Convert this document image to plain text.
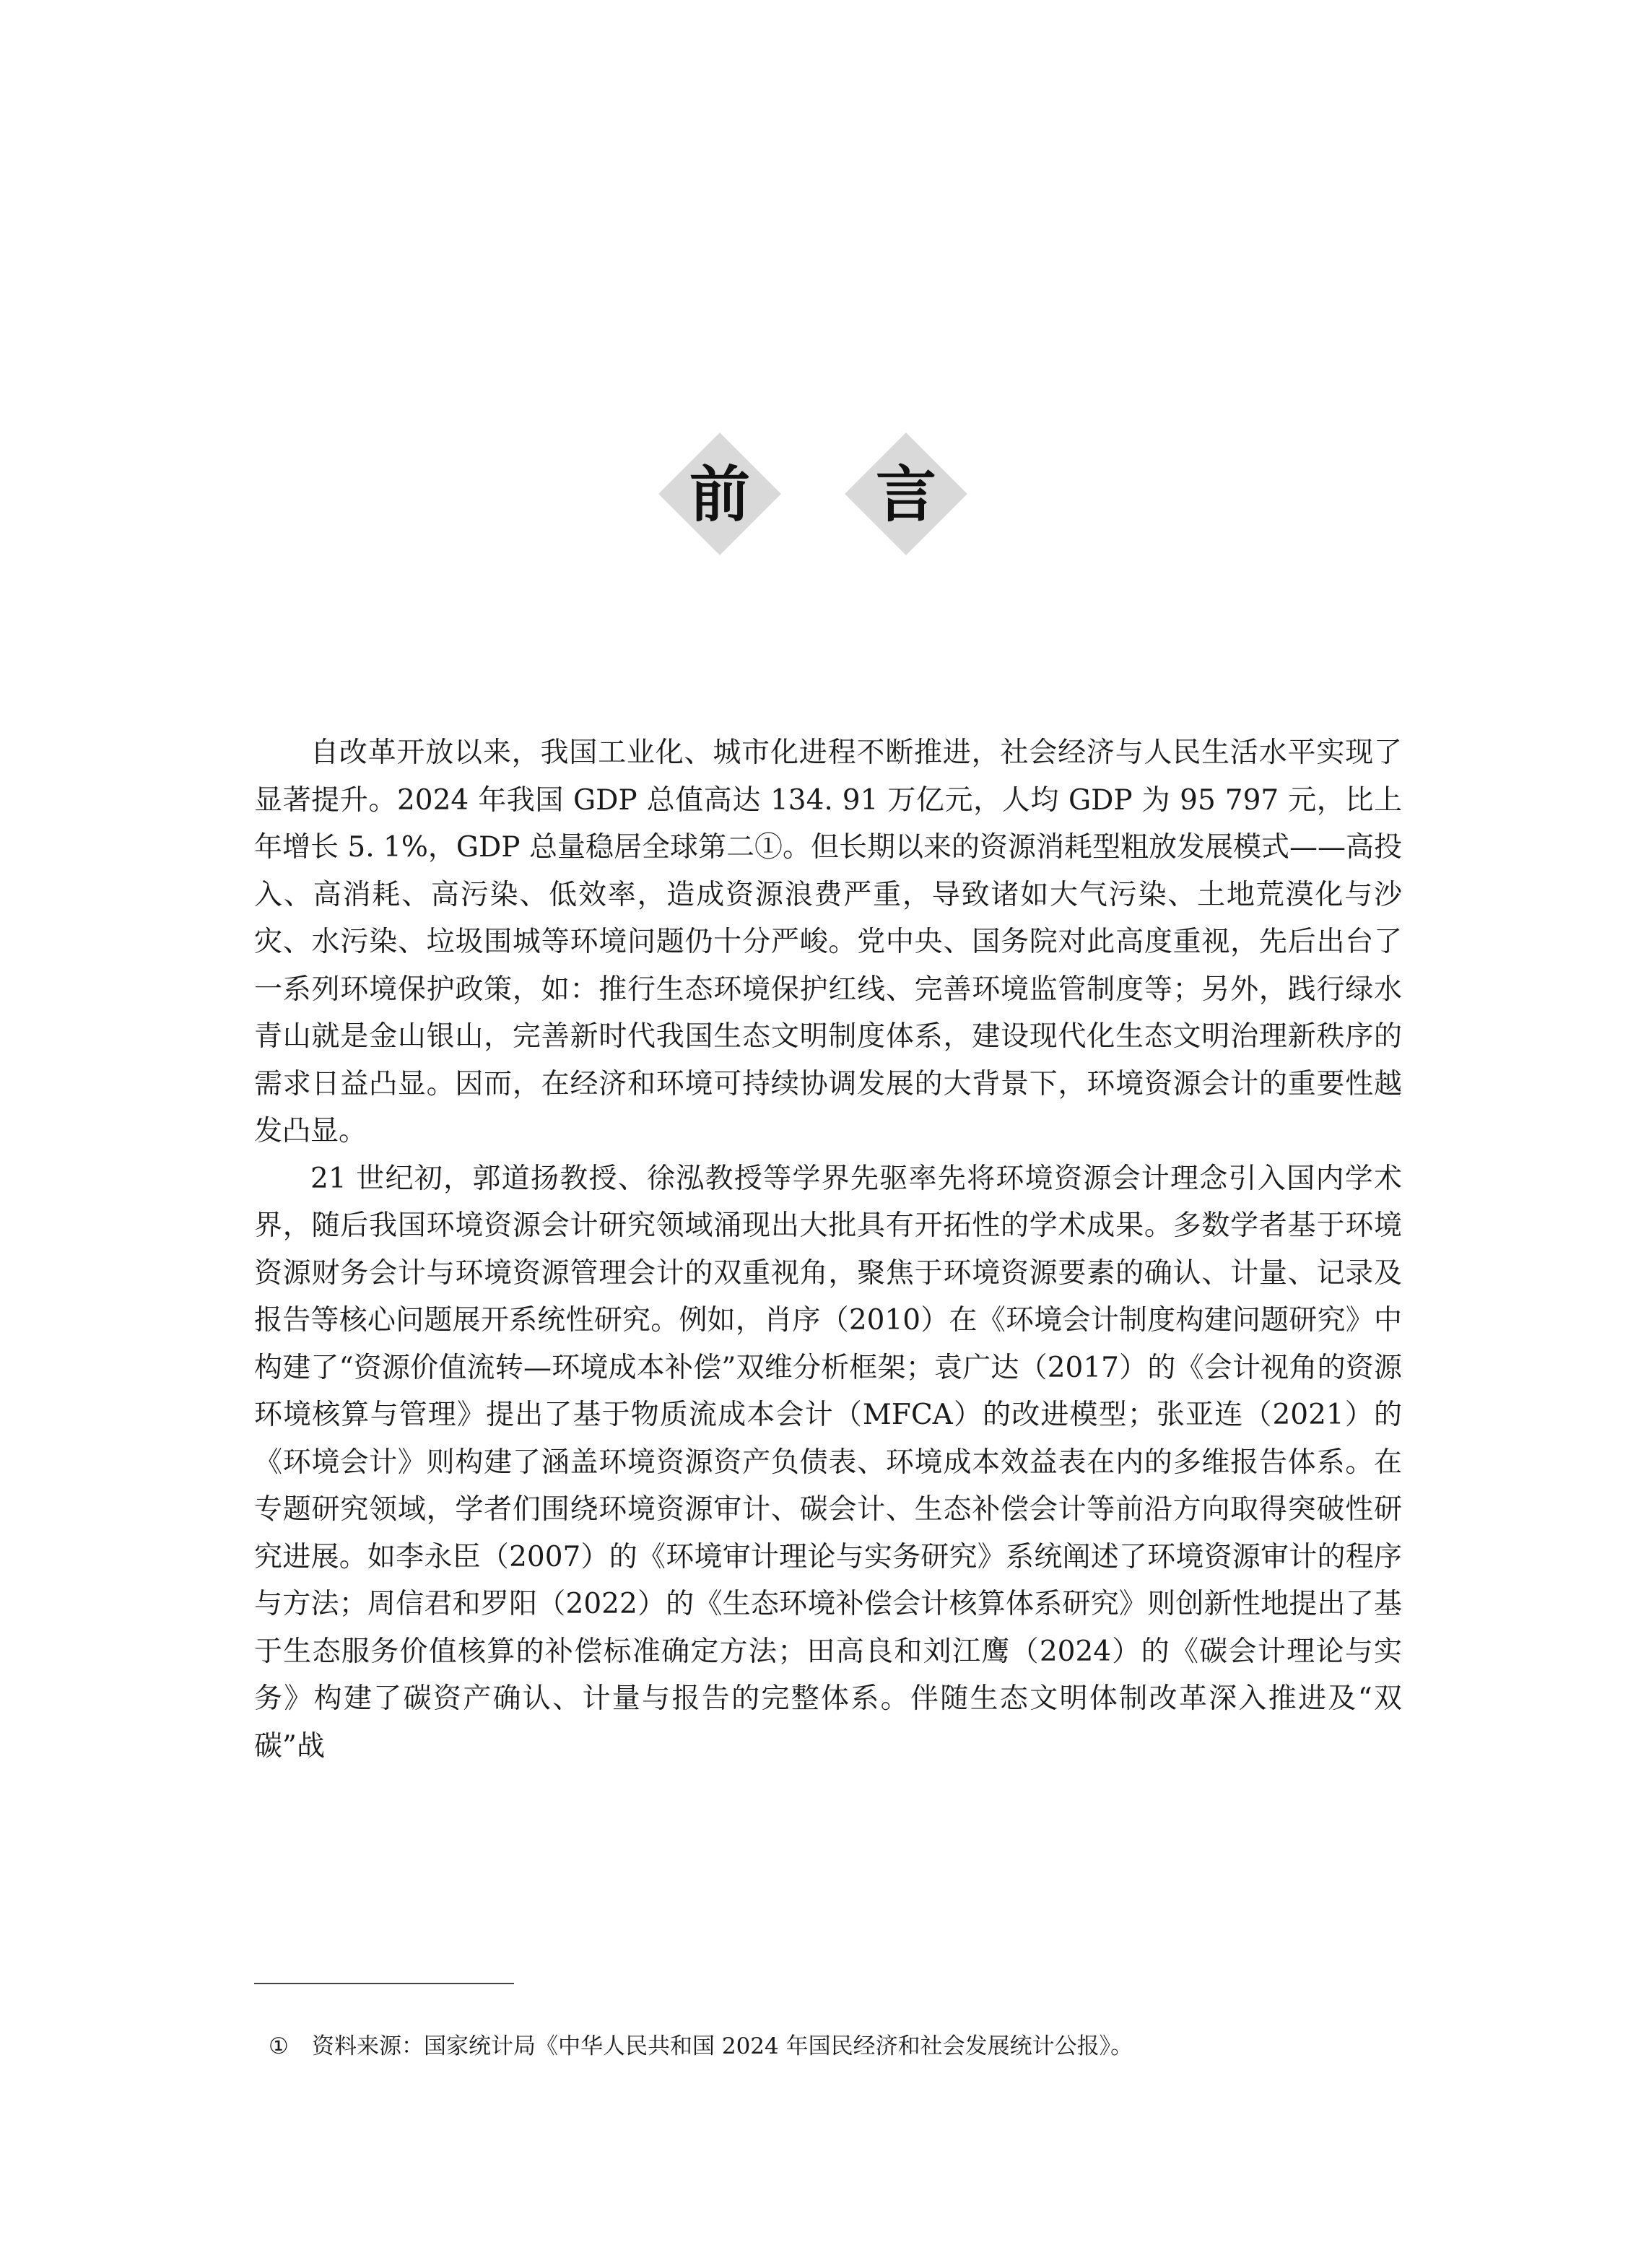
前	言

自改革开放以来，我国工业化、城市化进程不断推进，社会经济与人民生活水平实现了显著提升。2024 年我国 GDP 总值高达 134. 91 万亿元，人均 GDP 为 95 797 元，比上年增长 5. 1%，GDP 总量稳居全球第二①。但长期以来的资源消耗型粗放发展模式——高投入、高消耗、高污染、低效率，造成资源浪费严重，导致诸如大气污染、土地荒漠化与沙灾、水污染、垃圾围城等环境问题仍十分严峻。党中央、国务院对此高度重视，先后出台了一系列环境保护政策，如：推行生态环境保护红线、完善环境监管制度等；另外，践行绿水青山就是金山银山，完善新时代我国生态文明制度体系，建设现代化生态文明治理新秩序的需求日益凸显。因而，在经济和环境可持续协调发展的大背景下，环境资源会计的重要性越发凸显。

21 世纪初，郭道扬教授、徐泓教授等学界先驱率先将环境资源会计理念引入国内学术界，随后我国环境资源会计研究领域涌现出大批具有开拓性的学术成果。多数学者基于环境资源财务会计与环境资源管理会计的双重视角，聚焦于环境资源要素的确认、计量、记录及报告等核心问题展开系统性研究。例如，肖序（2010）在《环境会计制度构建问题研究》中构建了“资源价值流转—环境成本补偿”双维分析框架；袁广达（2017）的《会计视角的资源环境核算与管理》提出了基于物质流成本会计（MFCA）的改进模型；张亚连（2021）的《环境会计》则构建了涵盖环境资源资产负债表、环境成本效益表在内的多维报告体系。在专题研究领域，学者们围绕环境资源审计、碳会计、生态补偿会计等前沿方向取得突破性研究进展。如李永臣（2007）的《环境审计理论与实务研究》系统阐述了环境资源审计的程序与方法；周信君和罗阳（2022）的《生态环境补偿会计核算体系研究》则创新性地提出了基于生态服务价值核算的补偿标准确定方法；田高良和刘江鹰（2024）的《碳会计理论与实务》构建了碳资产确认、计量与报告的完整体系。伴随生态文明体制改革深入推进及“双碳”战

① 资料来源：国家统计局《中华人民共和国 2024 年国民经济和社会发展统计公报》。
